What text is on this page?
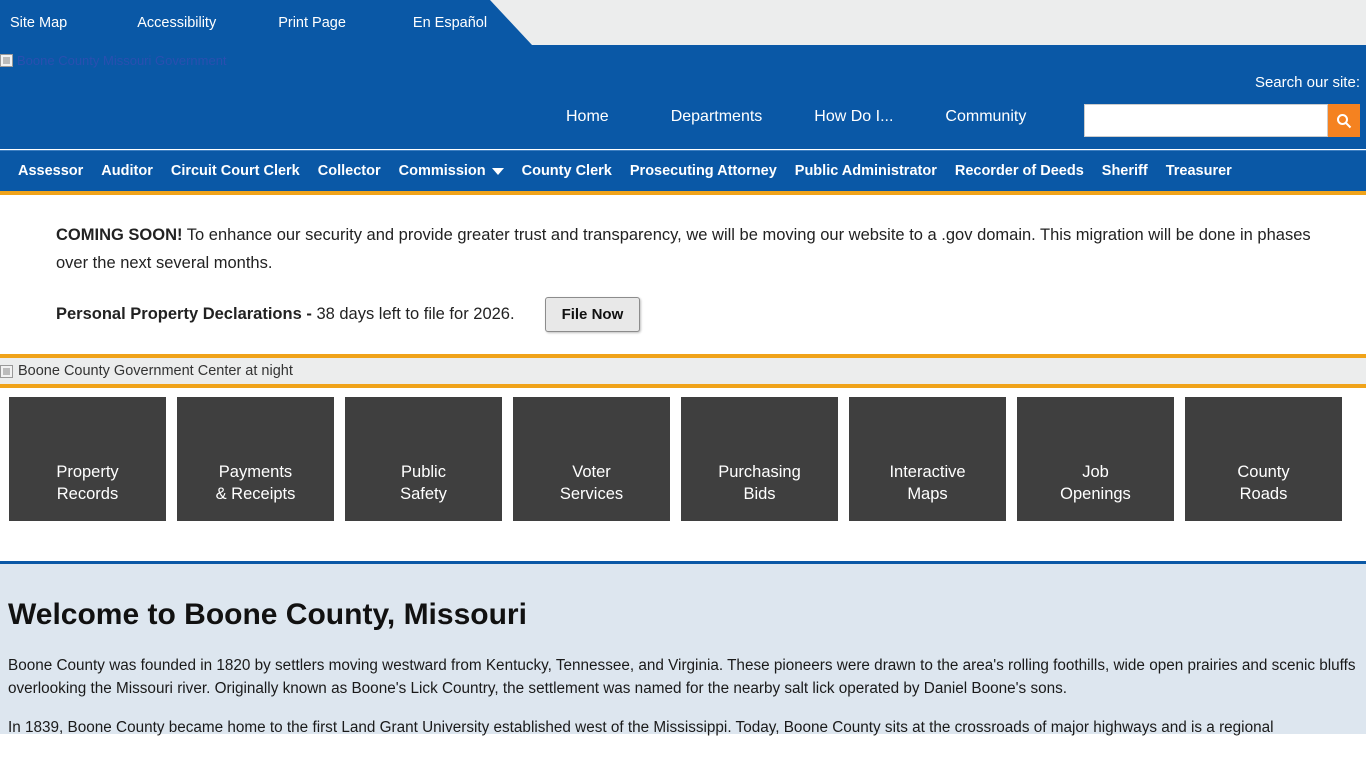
Site Map	Accessibility	Print Page	En Español
Boone County Missouri Government
Search our site:
Home	Departments	How Do I...	Community
Assessor Auditor Circuit Court Clerk Collector Commission County Clerk Prosecuting Attorney Public Administrator Recorder of Deeds Sheriff Treasurer
COMING SOON! To enhance our security and provide greater trust and transparency, we will be moving our website to a .gov domain. This migration will be done in phases over the next several months.
Personal Property Declarations - 38 days left to file for 2026.	File Now
Boone County Government Center at night
Property
Records
Payments
& Receipts
Public
Safety
Voter
Services
Purchasing
Bids
Interactive
Maps
Job
Openings
County
Roads
Welcome to Boone County, Missouri

Boone County was founded in 1820 by settlers moving westward from Kentucky, Tennessee, and Virginia. These pioneers were drawn to the area's rolling foothills, wide open prairies and scenic bluffs overlooking the Missouri river. Originally known as Boone's Lick Country, the settlement was named for the nearby salt lick operated by Daniel Boone's sons.

In 1839, Boone County became home to the first Land Grant University established west of the Mississippi. Today, Boone County sits at the crossroads of major highways and is a regional
